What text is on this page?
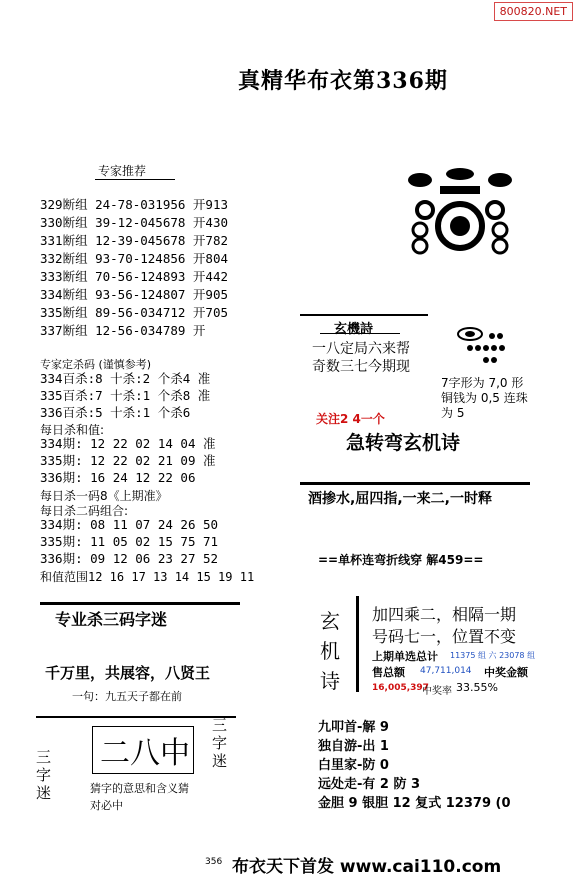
800820.NET
真精华布衣第336期
专家推荐
329断组 24-78-031956 开913
330断组 39-12-045678 开430
331断组 12-39-045678 开782
332断组 93-70-124856 开804
333断组 70-56-124893 开442
334断组 93-56-124807 开905
335断组 89-56-034712 开705
337断组 12-56-034789 开
专家定杀码 (谨慎参考)
334百杀:8 十杀:2 个杀4 准
335百杀:7 十杀:1 个杀8 准
336百杀:5 十杀:1 个杀6
每日杀和值:
334期: 12 22 02 14 04 准
335期: 12 22 02 21 09 准
336期: 16 24 12 22 06
每日杀一码8《上期准》
每日杀二码组合:
334期: 08 11 07 24 26 50
335期: 11 05 02 15 75 71
336期: 09 12 06 23 27 52
和值范围12 16 17 13 14 15 19 11
专业杀三码字迷
千万里，共展容，八贤王
一句：九五天子都在前
三字迷
三字迷
二八中
猜字的意思和含义猜
对必中
玄機詩
一八定局六来帮
奇数三七今期现
7字形为 7,0 形
铜钱为 0,5 连珠
为 5
关注2 4一个
急转弯玄机诗
酒掺水,屈四指,一来二,一时释
==单杯连弯折线穿 解459==
玄
机
诗
加四乘二，相隔一期
号码七一，位置不变
上期单选总计 11375 组 六 23078 组
售总额 47,711,014 中奖金额
16,005,397
中奖率 33.55%
九叩首-解 9
独自游-出 1
白里家-防 0
远处走-有 2 防 3
金胆 9 银胆 12 复式 12379 (0
356 布衣天下首发 www.cai110.com
